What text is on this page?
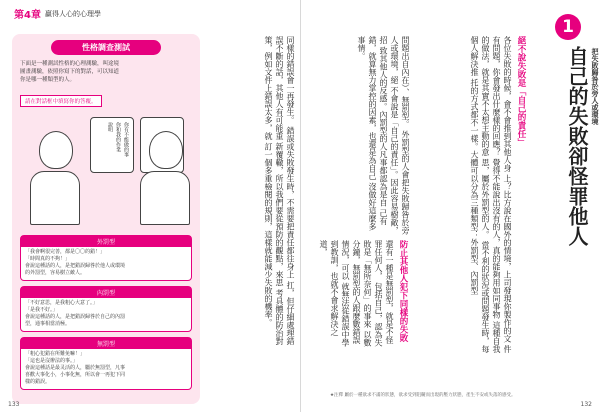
第4章 贏得人心的心理學
性格調查測試
下面是一種測試性格的心理測驗，叫途境
圖畫測驗，依照你寫下的對話，可以知道
你是哪一種類型的人。
請在對話框中填寫你的答覆。
你有不能做的事
你和我的作業
說明
外罰型
「我會啊很完善，都是〇〇的錯！」
「時間真的不夠！」
會說這種話的人，是把錯誤歸咎於他人或環境
的外罰型，容易樹立敵人。
內罰型
「不好意思，是我粗心大意了。」
「是我不好。」
會說這種話的人，是把錯誤歸咎於自己的內罰
型，通事相當消極。
無罰型
「粗心犯錯在所難免嘛！」
「這也是沒辦法的事。」
會說這種話是最灵活的人，屬於無罰型，凡事
喜歡大事化小，小事化無，所以會一再犯下同
樣的錯誤。
同樣的錯誤會一再發生。 錯誤或失敗發生時，不需要把責任都往身上 扛，但仔細處理錯誤不斷的話，其他人有可能重 新覆轍，所以我們要從預防的觀點，來思 考具體的防治對策，例如文件上錯誤太多，就 訂一個多重檢閱的規則，這樣就能減少失敗的機率。
133
1
自己的失敗卻怪罪他人 把失敗歸咎於旁人或環境
絕不說失敗是「自己的責任」
各位失敗的時候，會不會推到其他人身 上？比方說在國外的情境，上司發現你製作的文 件有問題，你會發出什麼樣的回應？ 覺得不能說出沒有的人，真的能夠用如同事物 這種自我的做法，就是其實不太想主動的意 思，屬於外罰型的人。 當不利的狀況或問題發生時，每個人解決推 托的方式都不一樣。大體可以分為三種類型：外罰型、內罰型
問題出自內在）、無罰型。 外罰型的人會把失敗歸咎於旁人或環境，絕 不會說是「自己的責任」。因此容易樹敵，招 致其他人的反感。內罰型的人凡事都認為是自 己有錯，就算無力掌控的因素，也還是為自己 沒做好這麼多事情。
防止其他人犯下同樣的失敗
還有一種是無罰型，就是不怪罪任何人， 包括自己，認為失敗是「無所奈何」的事來 以數分鐘，無罰型的人跟麼數錯誤情況，可以 就無法從錯誤中學到教訓，也就不會求解決之道，
132
★注釋 屬於一種欲求不滿的狀態，欲求受到阻礙而出現的壓力狀態，產生不安或失落的感受。
